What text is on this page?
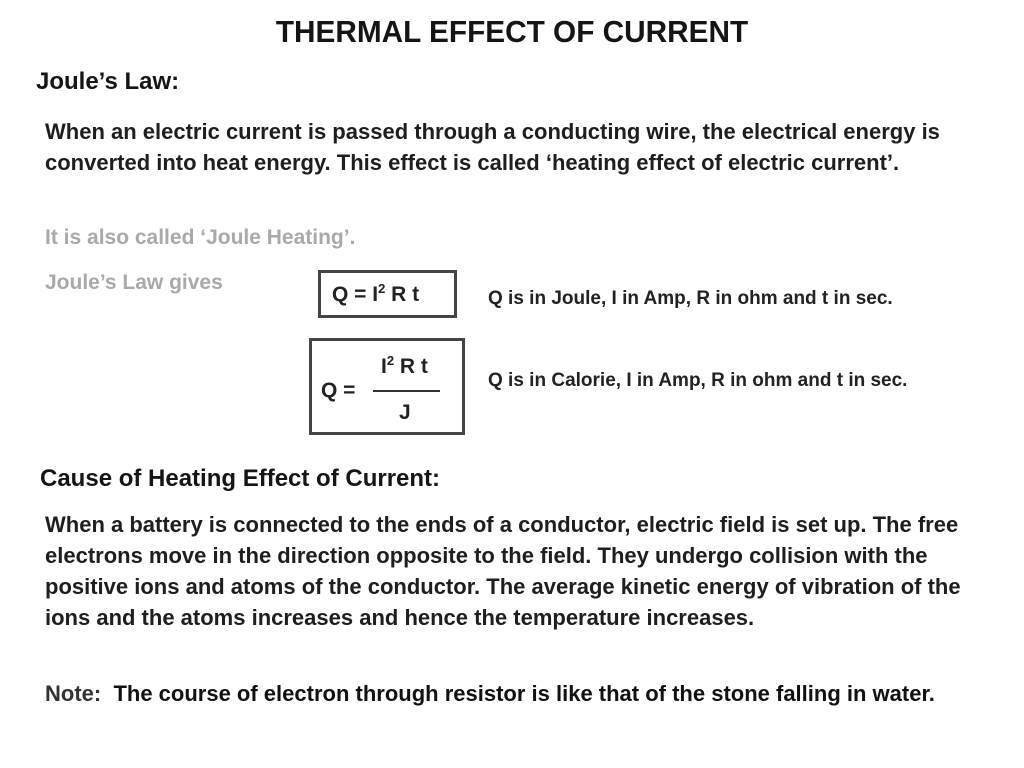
THERMAL EFFECT OF CURRENT
Joule’s Law:
When an electric current is passed through a conducting wire, the electrical energy is converted into heat energy. This effect is called ‘heating effect of electric current’.
It is also called ‘Joule Heating’.
Joule’s Law gives
$Q = I^2$ R t	Q is in Joule, I in Amp, R in ohm and t in sec.
Q =
$I^2$ R t
J
Q is in Calorie, I in Amp, R in ohm and t in sec.
Cause of Heating Effect of Current:
When a battery is connected to the ends of a conductor, electric field is set up. The free electrons move in the direction opposite to the field. They undergo collision with the positive ions and atoms of the conductor. The average kinetic energy of vibration of the ions and the atoms increases and hence the temperature increases.
Note: The course of electron through resistor is like that of the stone falling in water.
